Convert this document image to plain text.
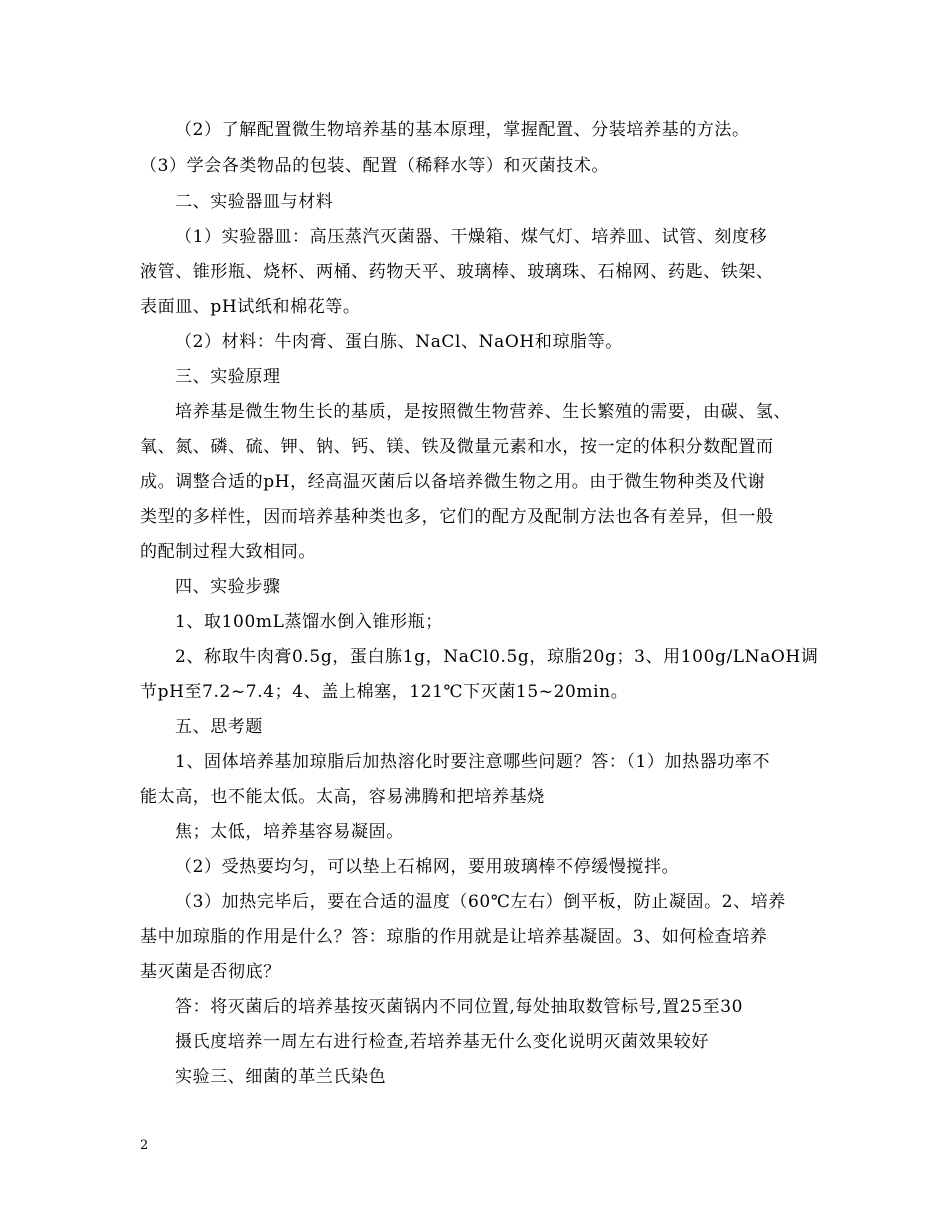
（2）了解配置微生物培养基的基本原理，掌握配置、分装培养基的方法。
（3）学会各类物品的包装、配置（稀释水等）和灭菌技术。
二、实验器皿与材料
（1）实验器皿：高压蒸汽灭菌器、干燥箱、煤气灯、培养皿、试管、刻度移
液管、锥形瓶、烧杯、两桶、药物天平、玻璃棒、玻璃珠、石棉网、药匙、铁架、
表面皿、pH试纸和棉花等。
（2）材料：牛肉膏、蛋白胨、NaCl、NaOH和琼脂等。
三、实验原理
培养基是微生物生长的基质，是按照微生物营养、生长繁殖的需要，由碳、氢、
氧、氮、磷、硫、钾、钠、钙、镁、铁及微量元素和水，按一定的体积分数配置而
成。调整合适的pH，经高温灭菌后以备培养微生物之用。由于微生物种类及代谢
类型的多样性，因而培养基种类也多，它们的配方及配制方法也各有差异，但一般
的配制过程大致相同。
四、实验步骤
1、取100mL蒸馏水倒入锥形瓶；
2、称取牛肉膏0.5g，蛋白胨1g，NaCl0.5g，琼脂20g；3、用100g/LNaOH调
节pH至7.2~7.4；4、盖上棉塞，121℃下灭菌15~20min。
五、思考题
1、固体培养基加琼脂后加热溶化时要注意哪些问题？答：（1）加热器功率不
能太高，也不能太低。太高，容易沸腾和把培养基烧
焦；太低，培养基容易凝固。
（2）受热要均匀，可以垫上石棉网，要用玻璃棒不停缓慢搅拌。
（3）加热完毕后，要在合适的温度（60℃左右）倒平板，防止凝固。2、培养
基中加琼脂的作用是什么？答：琼脂的作用就是让培养基凝固。3、如何检查培养
基灭菌是否彻底？
答：将灭菌后的培养基按灭菌锅内不同位置,每处抽取数管标号,置25至30
摄氏度培养一周左右进行检查,若培养基无什么变化说明灭菌效果较好
实验三、细菌的革兰氏染色
2
